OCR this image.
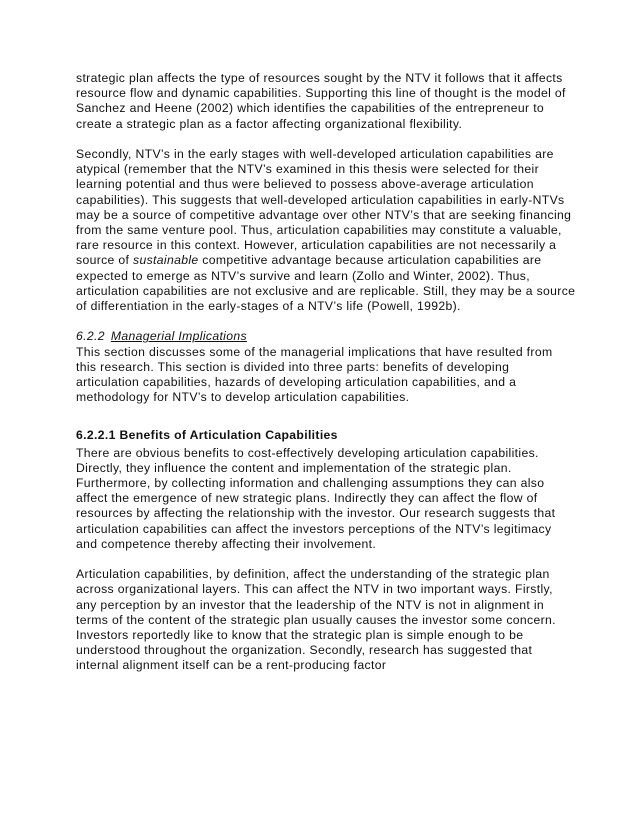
strategic plan affects the type of resources sought by the NTV it follows that it affects resource flow and dynamic capabilities. Supporting this line of thought is the model of Sanchez and Heene (2002) which identifies the capabilities of the entrepreneur to create a strategic plan as a factor affecting organizational flexibility.

Secondly, NTV’s in the early stages with well-developed articulation capabilities are atypical (remember that the NTV’s examined in this thesis were selected for their learning potential and thus were believed to possess above-average articulation capabilities). This suggests that well-developed articulation capabilities in early-NTVs may be a source of competitive advantage over other NTV’s that are seeking financing from the same venture pool. Thus, articulation capabilities may constitute a valuable, rare resource in this context. However, articulation capabilities are not necessarily a source of sustainable competitive advantage because articulation capabilities are expected to emerge as NTV’s survive and learn (Zollo and Winter, 2002). Thus, articulation capabilities are not exclusive and are replicable. Still, they may be a source of differentiation in the early-stages of a NTV’s life (Powell, 1992b).

6.2.2 Managerial Implications

This section discusses some of the managerial implications that have resulted from this research. This section is divided into three parts: benefits of developing articulation capabilities, hazards of developing articulation capabilities, and a methodology for NTV’s to develop articulation capabilities.

6.2.2.1 Benefits of Articulation Capabilities

There are obvious benefits to cost-effectively developing articulation capabilities. Directly, they influence the content and implementation of the strategic plan. Furthermore, by collecting information and challenging assumptions they can also affect the emergence of new strategic plans. Indirectly they can affect the flow of resources by affecting the relationship with the investor. Our research suggests that articulation capabilities can affect the investors perceptions of the NTV’s legitimacy and competence thereby affecting their involvement.

Articulation capabilities, by definition, affect the understanding of the strategic plan across organizational layers. This can affect the NTV in two important ways. Firstly, any perception by an investor that the leadership of the NTV is not in alignment in terms of the content of the strategic plan usually causes the investor some concern. Investors reportedly like to know that the strategic plan is simple enough to be understood throughout the organization. Secondly, research has suggested that internal alignment itself can be a rent-producing factor
